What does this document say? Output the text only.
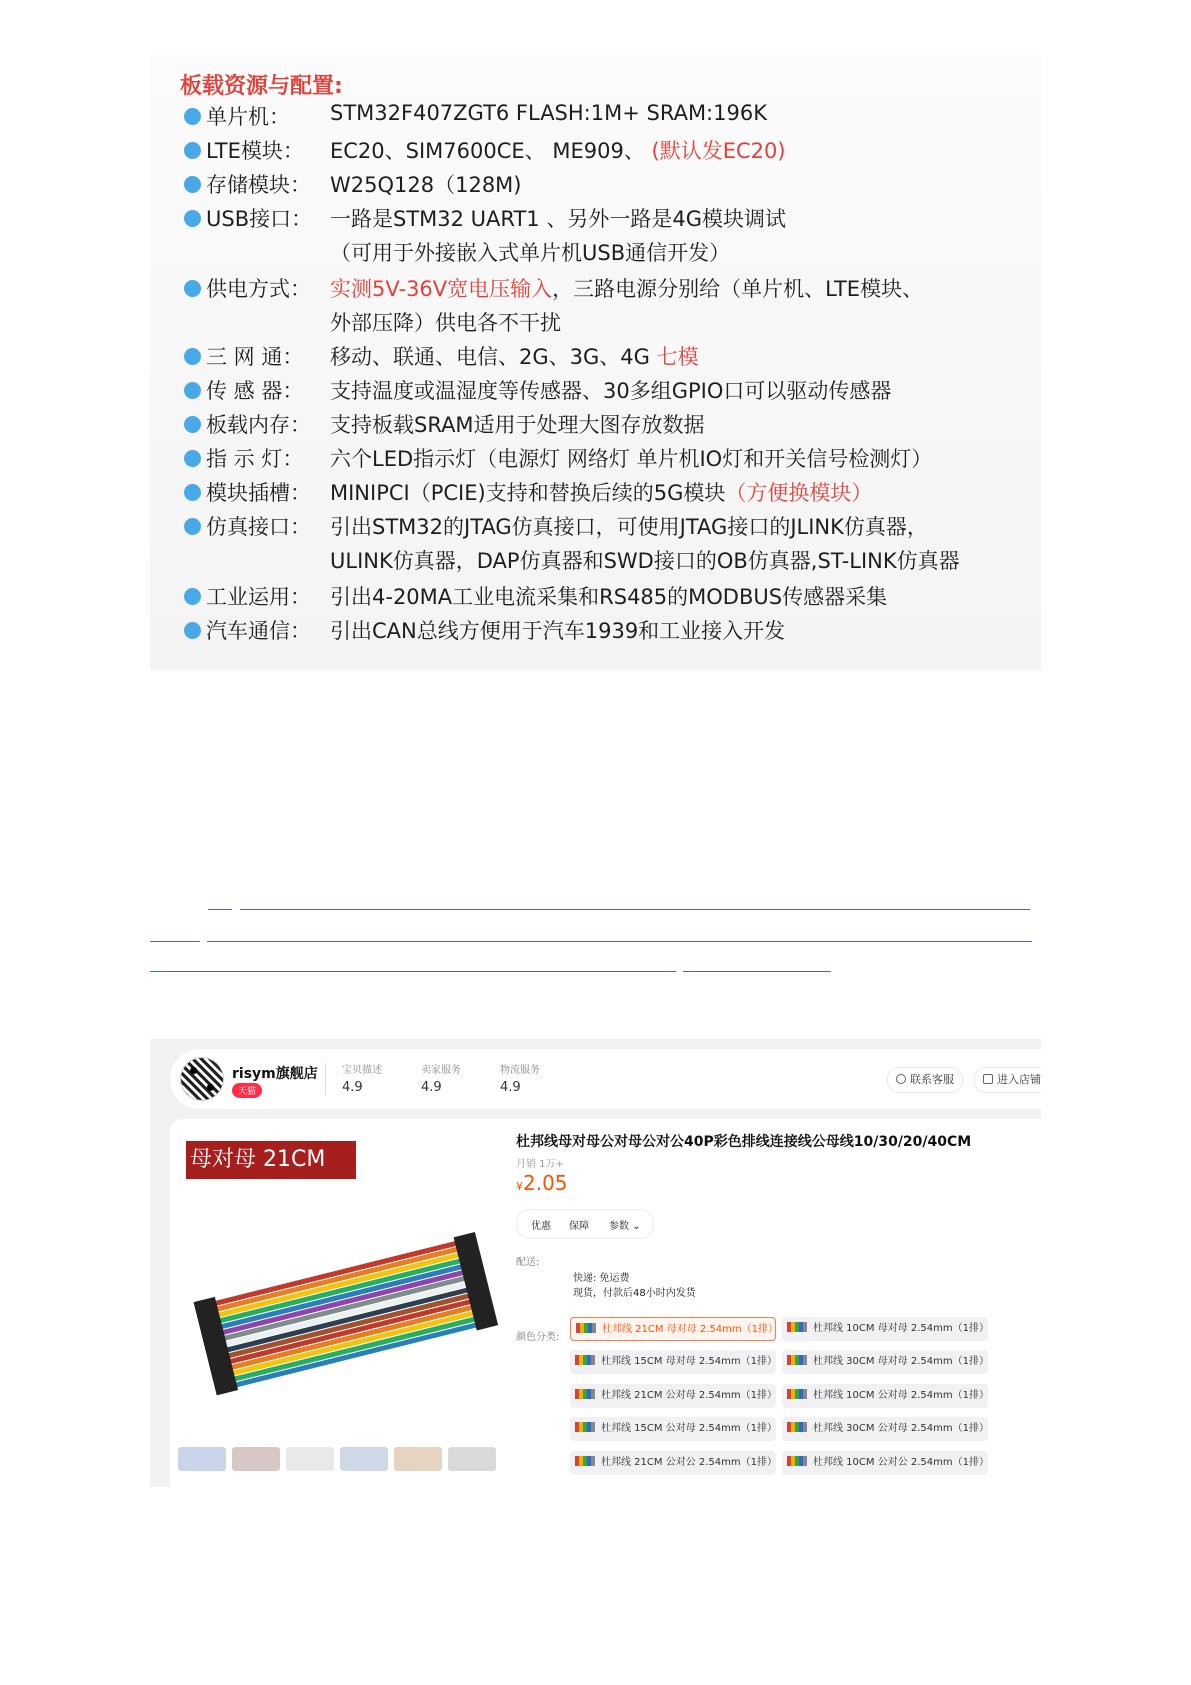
板载资源与配置:
单片机： STM32F407ZGT6 FLASH:1M+ SRAM:196K
LTE模块： EC20、SIM7600CE、 ME909、 (默认发EC20)
存储模块： W25Q128（128M)
USB接口： 一路是STM32 UART1 、另外一路是4G模块调试
（可用于外接嵌入式单片机USB通信开发）
供电方式： 实测5V-36V宽电压输入，三路电源分别给（单片机、LTE模块、
外部压降）供电各不干扰
三 网 通： 移动、联通、电信、2G、3G、4G 七模
传 感 器： 支持温度或温湿度等传感器、30多组GPIO口可以驱动传感器
板载内存： 支持板载SRAM适用于处理大图存放数据
指 示 灯： 六个LED指示灯（电源灯 网络灯 单片机IO灯和开关信号检测灯）
模块插槽： MINIPCI（PCIE)支持和替换后续的5G模块（方便换模块）
仿真接口： 引出STM32的JTAG仿真接口，可使用JTAG接口的JLINK仿真器，
ULINK仿真器，DAP仿真器和SWD接口的OB仿真器,ST-LINK仿真器
工业运用： 引出4-20MA工业电流采集和RS485的MODBUS传感器采集
汽车通信： 引出CAN总线方便用于汽车1939和工业接入开发
risym旗舰店
天猫
宝贝描述
4.9
卖家服务
4.9
物流服务
4.9
联系客服	进入店铺
母对母 21CM
杜邦线母对母公对母公对公40P彩色排线连接线公母线10/30/20/40CM
月销 1万+
¥2.05
优惠 保障 参数 ⌄
配送:
快递: 免运费
现货，付款后48小时内发货
颜色分类:
杜邦线 21CM 母对母 2.54mm（1排）	杜邦线 10CM 母对母 2.54mm（1排）
杜邦线 15CM 母对母 2.54mm（1排）	杜邦线 30CM 母对母 2.54mm（1排）
杜邦线 21CM 公对母 2.54mm（1排）	杜邦线 10CM 公对母 2.54mm（1排）
杜邦线 15CM 公对母 2.54mm（1排）	杜邦线 30CM 公对母 2.54mm（1排）
杜邦线 21CM 公对公 2.54mm（1排）	杜邦线 10CM 公对公 2.54mm（1排）
